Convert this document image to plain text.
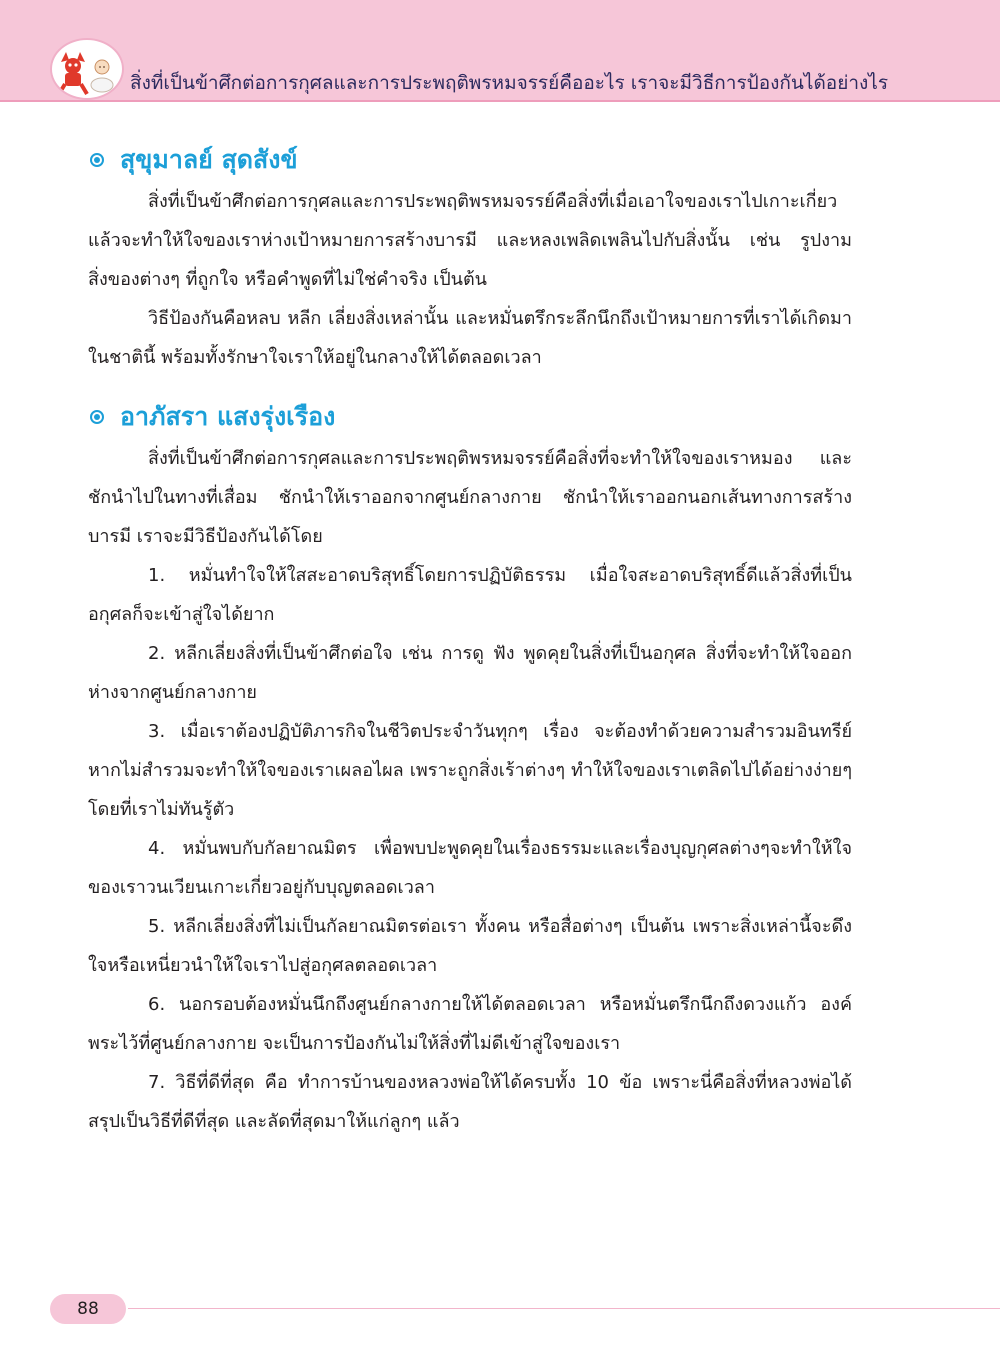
สิ่งที่เป็นข้าศึกต่อการกุศลและการประพฤติพรหมจรรย์คืออะไร เราจะมีวิธีการป้องกันได้อย่างไร
สุขุมาลย์ สุดสังข์

สิ่งที่เป็นข้าศึกต่อการกุศลและการประพฤติพรหมจรรย์คือสิ่งที่เมื่อเอาใจของเราไปเกาะเกี่ยวแล้วจะทำให้ใจของเราห่างเป้าหมายการสร้างบารมี และหลงเพลิดเพลินไปกับสิ่งนั้น เช่น รูปงาม สิ่งของต่างๆ ที่ถูกใจ หรือคำพูดที่ไม่ใช่คำจริง เป็นต้น

วิธีป้องกันคือหลบ หลีก เลี่ยงสิ่งเหล่านั้น และหมั่นตรึกระลึกนึกถึงเป้าหมายการที่เราได้เกิดมาในชาตินี้ พร้อมทั้งรักษาใจเราให้อยู่ในกลางให้ได้ตลอดเวลา

อาภัสรา แสงรุ่งเรือง

สิ่งที่เป็นข้าศึกต่อการกุศลและการประพฤติพรหมจรรย์คือสิ่งที่จะทำให้ใจของเราหมอง และชักนำไปในทางที่เสื่อม ชักนำให้เราออกจากศูนย์กลางกาย ชักนำให้เราออกนอกเส้นทางการสร้างบารมี เราจะมีวิธีป้องกันได้โดย

1. หมั่นทำใจให้ใสสะอาดบริสุทธิ์โดยการปฏิบัติธรรม เมื่อใจสะอาดบริสุทธิ์ดีแล้วสิ่งที่เป็นอกุศลก็จะเข้าสู่ใจได้ยาก

2. หลีกเลี่ยงสิ่งที่เป็นข้าศึกต่อใจ เช่น การดู ฟัง พูดคุยในสิ่งที่เป็นอกุศล สิ่งที่จะทำให้ใจออกห่างจากศูนย์กลางกาย

3. เมื่อเราต้องปฏิบัติภารกิจในชีวิตประจำวันทุกๆ เรื่อง จะต้องทำด้วยความสำรวมอินทรีย์ หากไม่สำรวมจะทำให้ใจของเราเผลอไผล เพราะถูกสิ่งเร้าต่างๆ ทำให้ใจของเราเตลิดไปได้อย่างง่ายๆ โดยที่เราไม่ทันรู้ตัว

4. หมั่นพบกับกัลยาณมิตร เพื่อพบปะพูดคุยในเรื่องธรรมะและเรื่องบุญกุศลต่างๆจะทำให้ใจของเราวนเวียนเกาะเกี่ยวอยู่กับบุญตลอดเวลา

5. หลีกเลี่ยงสิ่งที่ไม่เป็นกัลยาณมิตรต่อเรา ทั้งคน หรือสื่อต่างๆ เป็นต้น เพราะสิ่งเหล่านี้จะดึงใจหรือเหนี่ยวนำให้ใจเราไปสู่อกุศลตลอดเวลา

6. นอกรอบต้องหมั่นนึกถึงศูนย์กลางกายให้ได้ตลอดเวลา หรือหมั่นตรึกนึกถึงดวงแก้ว องค์พระไว้ที่ศูนย์กลางกาย จะเป็นการป้องกันไม่ให้สิ่งที่ไม่ดีเข้าสู่ใจของเรา

7. วิธีที่ดีที่สุด คือ ทำการบ้านของหลวงพ่อให้ได้ครบทั้ง 10 ข้อ เพราะนี่คือสิ่งที่หลวงพ่อได้สรุปเป็นวิธีที่ดีที่สุด และลัดที่สุดมาให้แก่ลูกๆ แล้ว

88
